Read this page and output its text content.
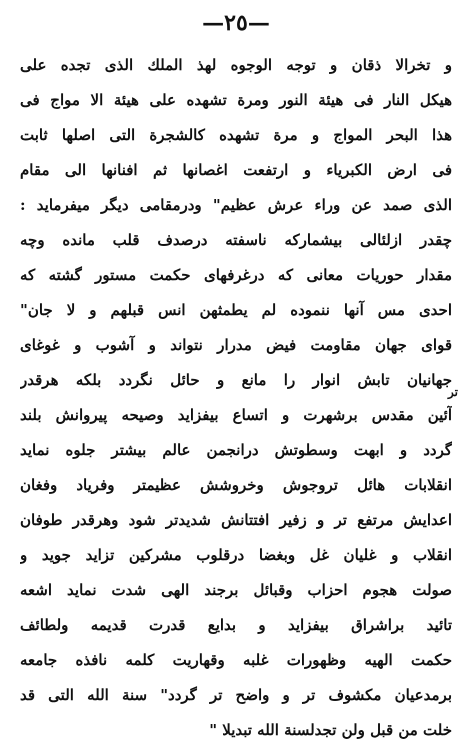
—٢٥—
و تخرالا ذقان و توجه الوجوه لهذ الملك الذى تجده على
هيكل النار فى هيئة النور ومرة تشهده على هيئة الا مواج فى
هذا البحر المواج و مرة تشهده كالشجرة التى اصلها ثابت
فى ارض الكبرياء و ارتفعت اغصانها ثم افنانها الى مقام
الذى صمد عن وراء عرش عظيم" ودرمقامى ديگر ميفرمايد :
چقدر ازلئالى بيشماركه ناسفته درصدف قلب مانده وچه
مقدار حوريات معانى كه درغرفهاى حكمت مستور گشته كه
احدى مس آنها ننموده لم يطمثهن انس قبلهم و لا جان"
قواى جهان مقاومت فيض مدرار نتواند و آشوب و غوغاى
جهانيان تابش انوار را مانع و حائل نگردد بلكه هرقدر
آئين مقدس برشهرت و اتساع بيفزايد وصيحه پيروانش بلند
گردد و ابهت وسطوتش درانجمن عالم بيشتر جلوه نمايد
انقلابات هائل تروجوش وخروشش عظيمتر وفرياد وفغان
اعدايش مرتفع تر و زفير افتتانش شديدتر شود وهرقدر طوفان
انقلاب و غليان غل وبغضا درقلوب مشركين تزايد جويد و
صولت هجوم احزاب وقبائل برجند الهى شدت نمايد اشعه
تائيد براشراق بيفزايد و بدايع قدرت قديمه ولطائف
حكمت الهيه وظهورات غلبه وقهاريت كلمه نافذه جامعه
برمدعيان مكشوف تر و واضح تر گردد" سنة الله التى قد
خلت من قبل ولن تجدلسنة الله تبديلا "
تر
